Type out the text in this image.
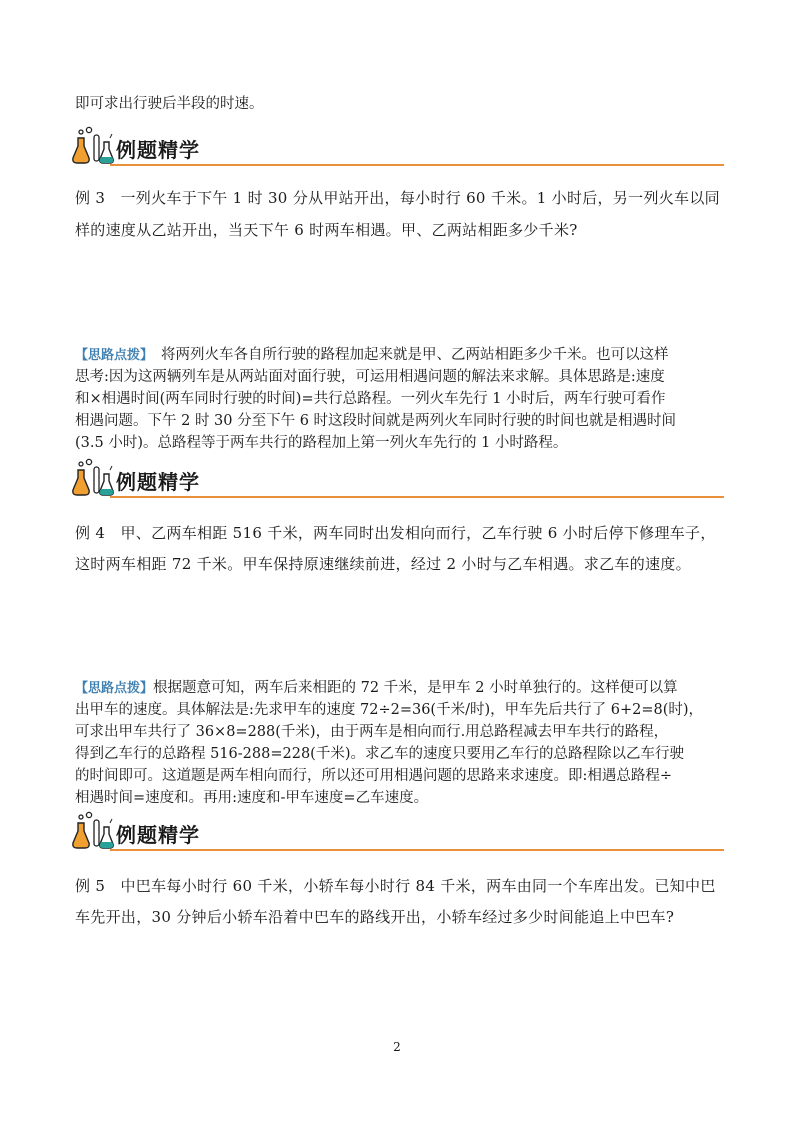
即可求出行驶后半段的时速。
例题精学
例 3　一列火车于下午 1 时 30 分从甲站开出，每小时行 60 千米。1 小时后，另一列火车以同
样的速度从乙站开出，当天下午 6 时两车相遇。甲、乙两站相距多少千米?
【思路点拨】　将两列火车各自所行驶的路程加起来就是甲、乙两站相距多少千米。也可以这样
思考:因为这两辆列车是从两站面对面行驶，可运用相遇问题的解法来求解。具体思路是:速度
和×相遇时间(两车同时行驶的时间)=共行总路程。一列火车先行 1 小时后，两车行驶可看作
相遇问题。下午 2 时 30 分至下午 6 时这段时间就是两列火车同时行驶的时间也就是相遇时间
(3.5 小时)。总路程等于两车共行的路程加上第一列火车先行的 1 小时路程。
例题精学
例 4　甲、乙两车相距 516 千米，两车同时出发相向而行，乙车行驶 6 小时后停下修理车子，
这时两车相距 72 千米。甲车保持原速继续前进，经过 2 小时与乙车相遇。求乙车的速度。
【思路点拨】根据题意可知，两车后来相距的 72 千米，是甲车 2 小时单独行的。这样便可以算
出甲车的速度。具体解法是:先求甲车的速度 72÷2=36(千米/时)，甲车先后共行了 6+2=8(时)，
可求出甲车共行了 36×8=288(千米)，由于两车是相向而行.用总路程减去甲车共行的路程，
得到乙车行的总路程 516-288=228(千米)。求乙车的速度只要用乙车行的总路程除以乙车行驶
的时间即可。这道题是两车相向而行，所以还可用相遇问题的思路来求速度。即:相遇总路程÷
相遇时间=速度和。再用:速度和-甲车速度=乙车速度。
例题精学
例 5　中巴车每小时行 60 千米，小轿车每小时行 84 千米，两车由同一个车库出发。已知中巴
车先开出，30 分钟后小轿车沿着中巴车的路线开出，小轿车经过多少时间能追上中巴车?
2
